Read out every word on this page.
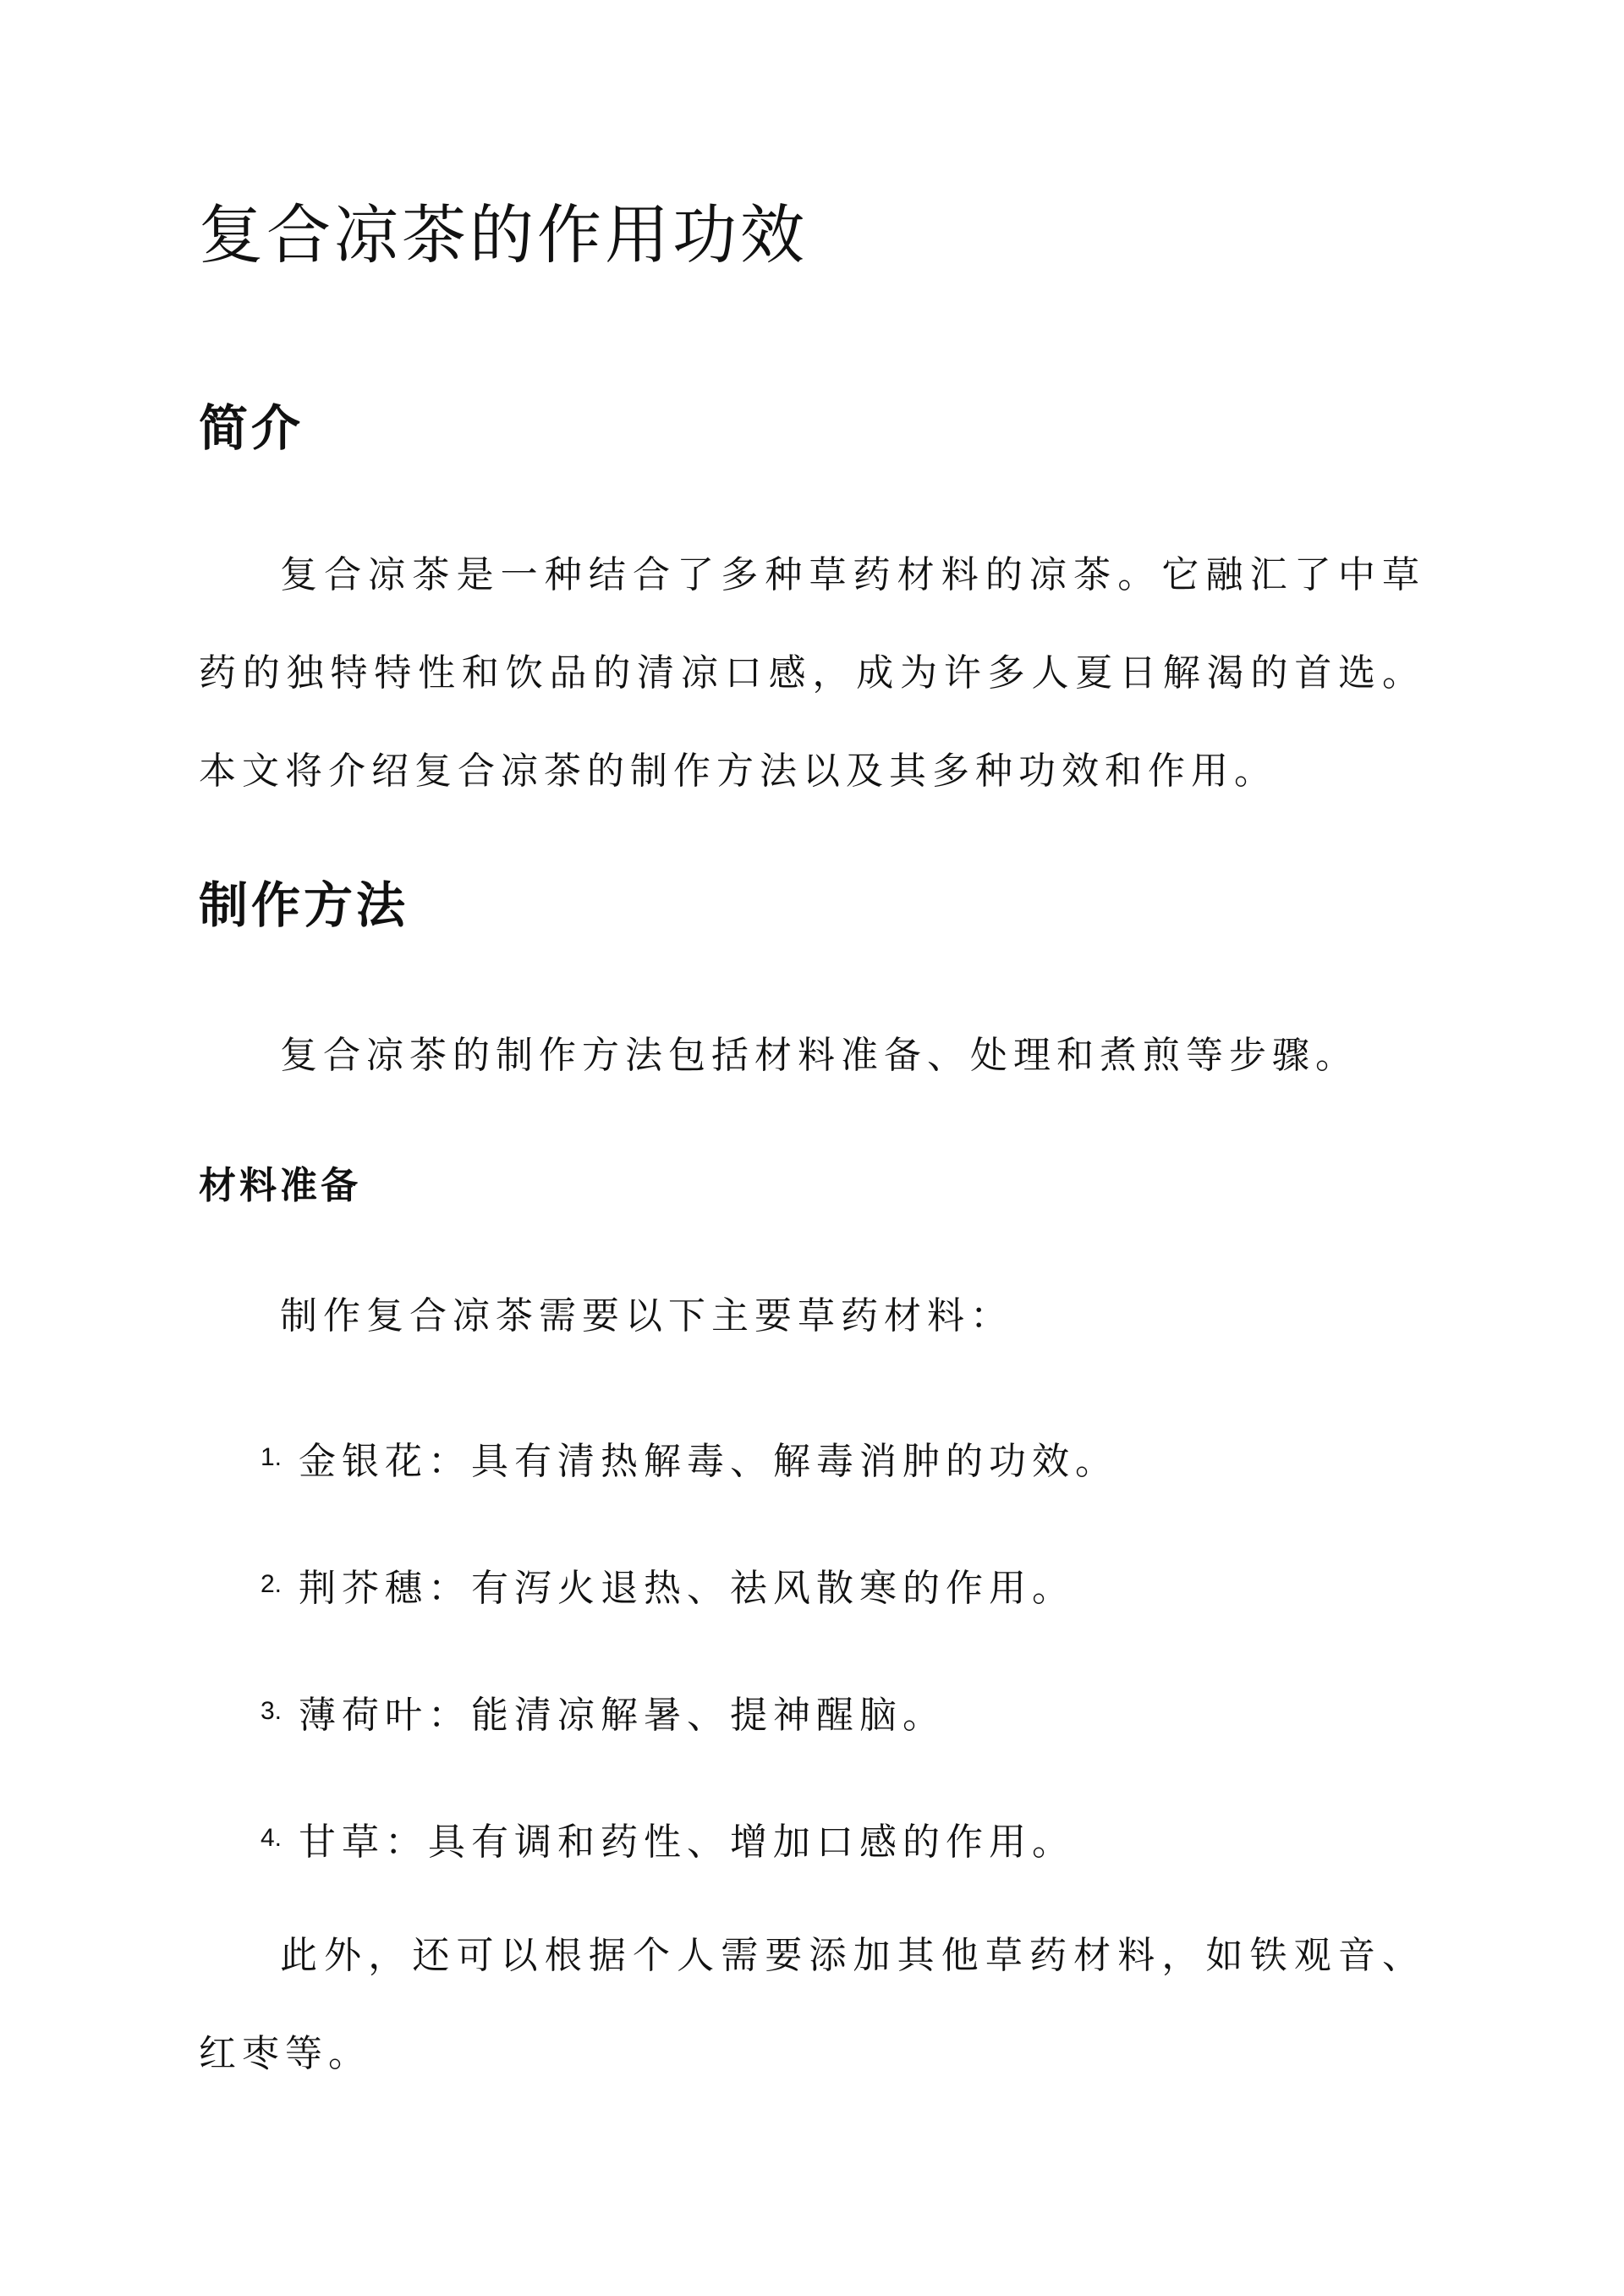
复合凉茶的作用功效
简介

复合凉茶是一种结合了多种草药材料的凉茶。它融汇了中草药的独特特性和饮品的清凉口感，成为许多人夏日解渴的首选。本文将介绍复合凉茶的制作方法以及其多种功效和作用。

制作方法

复合凉茶的制作方法包括材料准备、处理和煮煎等步骤。

材料准备

制作复合凉茶需要以下主要草药材料：

1. 金银花：具有清热解毒、解毒消肿的功效。
2. 荆芥穗：有泻火退热、祛风散寒的作用。
3. 薄荷叶：能清凉解暑、提神醒脑。
4. 甘草：具有调和药性、增加口感的作用。

此外，还可以根据个人需要添加其他草药材料，如铁观音、红枣等。
